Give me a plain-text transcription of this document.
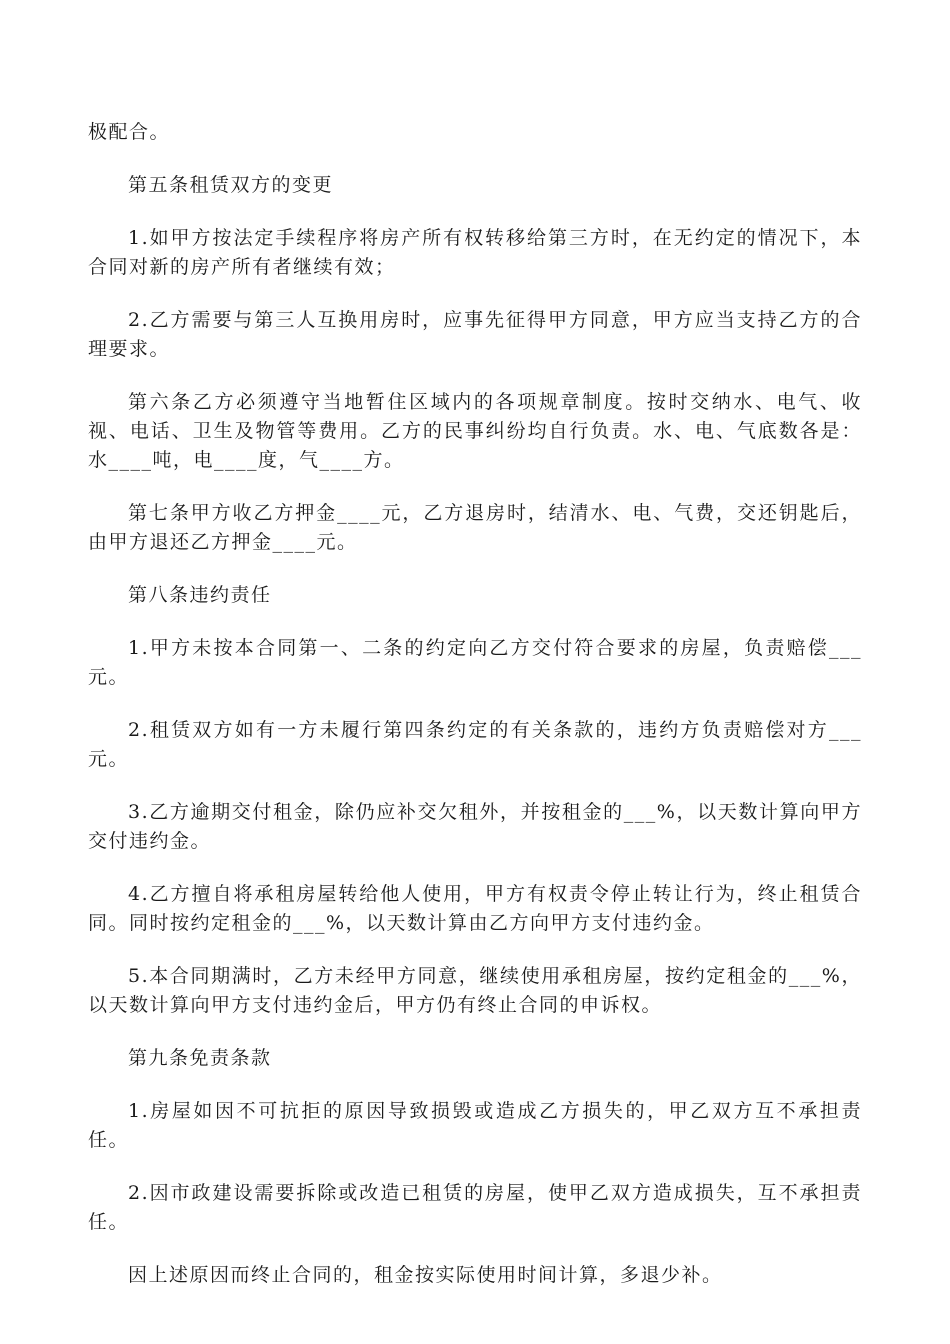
极配合。

第五条租赁双方的变更

1.如甲方按法定手续程序将房产所有权转移给第三方时，在无约定的情况下，本合同对新的房产所有者继续有效；

2.乙方需要与第三人互换用房时，应事先征得甲方同意，甲方应当支持乙方的合理要求。

第六条乙方必须遵守当地暂住区域内的各项规章制度。按时交纳水、电气、收视、电话、卫生及物管等费用。乙方的民事纠纷均自行负责。水、电、气底数各是：水____吨，电____度，气____方。

第七条甲方收乙方押金____元，乙方退房时，结清水、电、气费，交还钥匙后，由甲方退还乙方押金____元。

第八条违约责任

1.甲方未按本合同第一、二条的约定向乙方交付符合要求的房屋，负责赔偿___元。

2.租赁双方如有一方未履行第四条约定的有关条款的，违约方负责赔偿对方___元。

3.乙方逾期交付租金，除仍应补交欠租外，并按租金的___%，以天数计算向甲方交付违约金。

4.乙方擅自将承租房屋转给他人使用，甲方有权责令停止转让行为，终止租赁合同。同时按约定租金的___%，以天数计算由乙方向甲方支付违约金。

5.本合同期满时，乙方未经甲方同意，继续使用承租房屋，按约定租金的___%，以天数计算向甲方支付违约金后，甲方仍有终止合同的申诉权。

第九条免责条款

1.房屋如因不可抗拒的原因导致损毁或造成乙方损失的，甲乙双方互不承担责任。

2.因市政建设需要拆除或改造已租赁的房屋，使甲乙双方造成损失，互不承担责任。

因上述原因而终止合同的，租金按实际使用时间计算，多退少补。
